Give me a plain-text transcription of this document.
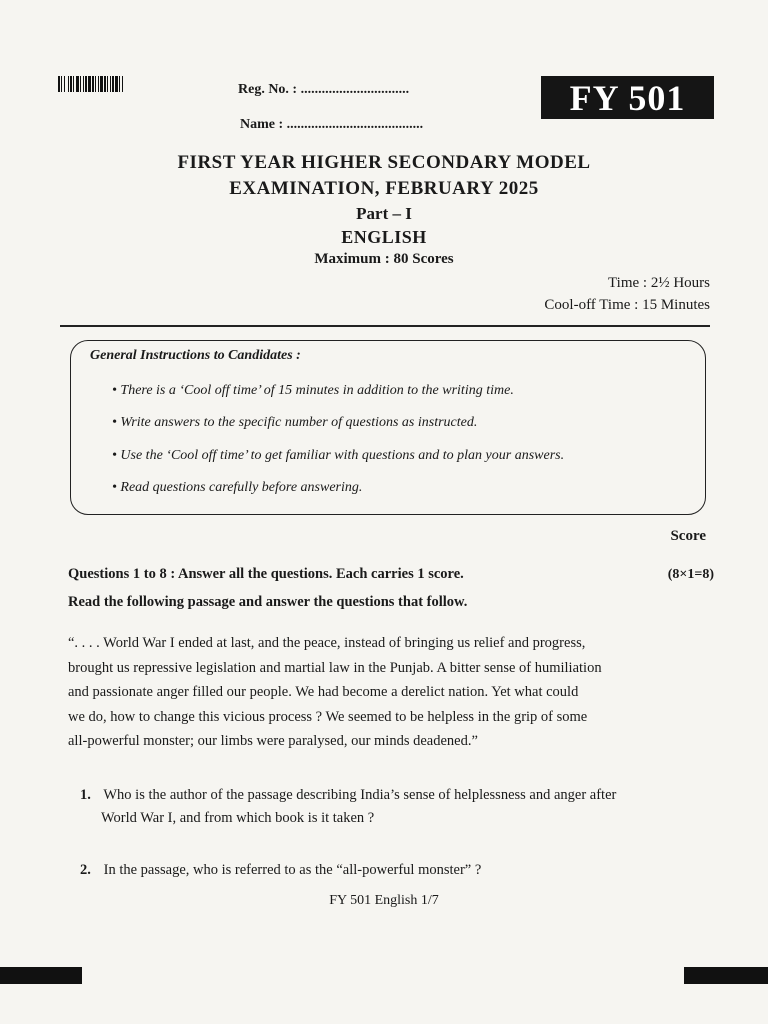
Reg. No. : ...............................
Name : .......................................
FY 501
FIRST YEAR HIGHER SECONDARY MODEL
EXAMINATION, FEBRUARY 2025
Part – I
ENGLISH
Maximum : 80 Scores
Time : 2½ Hours
Cool-off Time : 15 Minutes
General Instructions to Candidates :
• There is a ‘Cool off time’ of 15 minutes in addition to the writing time.
• Write answers to the specific number of questions as instructed.
• Use the ‘Cool off time’ to get familiar with questions and to plan your answers.
• Read questions carefully before answering.
Score
Questions 1 to 8 : Answer all the questions. Each carries 1 score.	(8×1=8)
Read the following passage and answer the questions that follow.
“. . . . World War I ended at last, and the peace, instead of bringing us relief and progress,
brought us repressive legislation and martial law in the Punjab. A bitter sense of humiliation
and passionate anger filled our people. We had become a derelict nation. Yet what could
we do, how to change this vicious process ? We seemed to be helpless in the grip of some
all-powerful monster; our limbs were paralysed, our minds deadened.”
1. Who is the author of the passage describing India’s sense of helplessness and anger after
World War I, and from which book is it taken ?
2. In the passage, who is referred to as the “all-powerful monster” ?
FY 501 English 1/7
